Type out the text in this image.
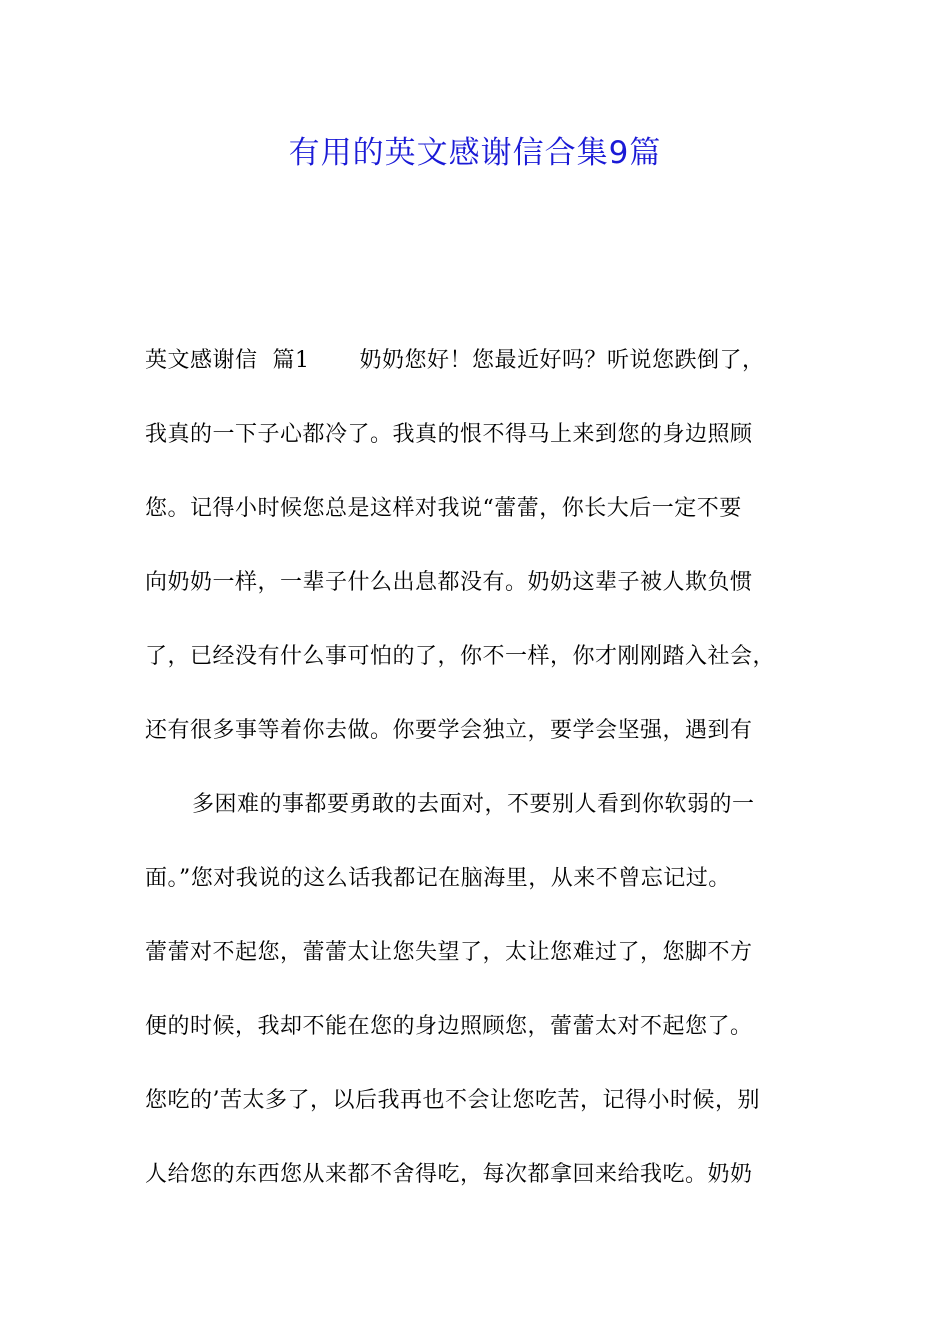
有用的英文感谢信合集9篇
英文感谢信  篇1 奶奶您好！您最近好吗？听说您跌倒了，
我真的一下子心都冷了。我真的恨不得马上来到您的身边照顾
您。记得小时候您总是这样对我说“蕾蕾，你长大后一定不要
向奶奶一样，一辈子什么出息都没有。奶奶这辈子被人欺负惯
了，已经没有什么事可怕的了，你不一样，你才刚刚踏入社会，
还有很多事等着你去做。你要学会独立，要学会坚强，遇到有
多困难的事都要勇敢的去面对，不要别人看到你软弱的一
面。”您对我说的这么话我都记在脑海里，从来不曾忘记过。
蕾蕾对不起您，蕾蕾太让您失望了，太让您难过了，您脚不方
便的时候，我却不能在您的身边照顾您，蕾蕾太对不起您了。
您吃的’苦太多了，以后我再也不会让您吃苦，记得小时候，别
人给您的东西您从来都不舍得吃，每次都拿回来给我吃。奶奶
